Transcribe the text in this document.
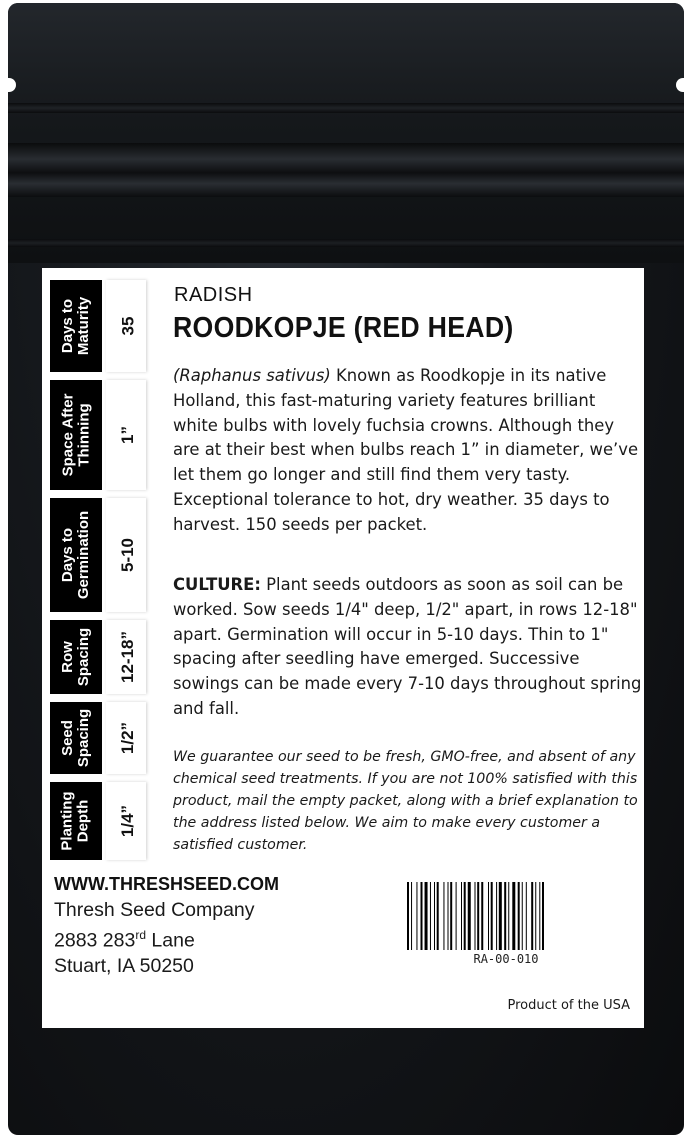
Days to
Maturity 35
Space After
Thinning 1”
Days to
Germination 5-10
Row
Spacing 12-18”
Seed
Spacing 1/2”
Planting
Depth 1/4”
RADISH
ROODKOPJE (RED HEAD)
(Raphanus sativus) Known as Roodkopje in its native Holland, this fast-maturing variety features brilliant white bulbs with lovely fuchsia crowns. Although they are at their best when bulbs reach 1” in diameter, we’ve let them go longer and still find them very tasty. Exceptional tolerance to hot, dry weather. 35 days to harvest. 150 seeds per packet.
CULTURE: Plant seeds outdoors as soon as soil can be worked. Sow seeds 1/4" deep, 1/2" apart, in rows 12-18" apart. Germination will occur in 5-10 days. Thin to 1" spacing after seedling have emerged. Successive sowings can be made every 7-10 days throughout spring and fall.
We guarantee our seed to be fresh, GMO-free, and absent of any chemical seed treatments. If you are not 100% satisfied with this product, mail the empty packet, along with a brief explanation to the address listed below. We aim to make every customer a satisfied customer.
WWW.THRESHSEED.COM
Thresh Seed Company
2883 283rd Lane
Stuart, IA 50250	RA-00-010
Product of the USA
